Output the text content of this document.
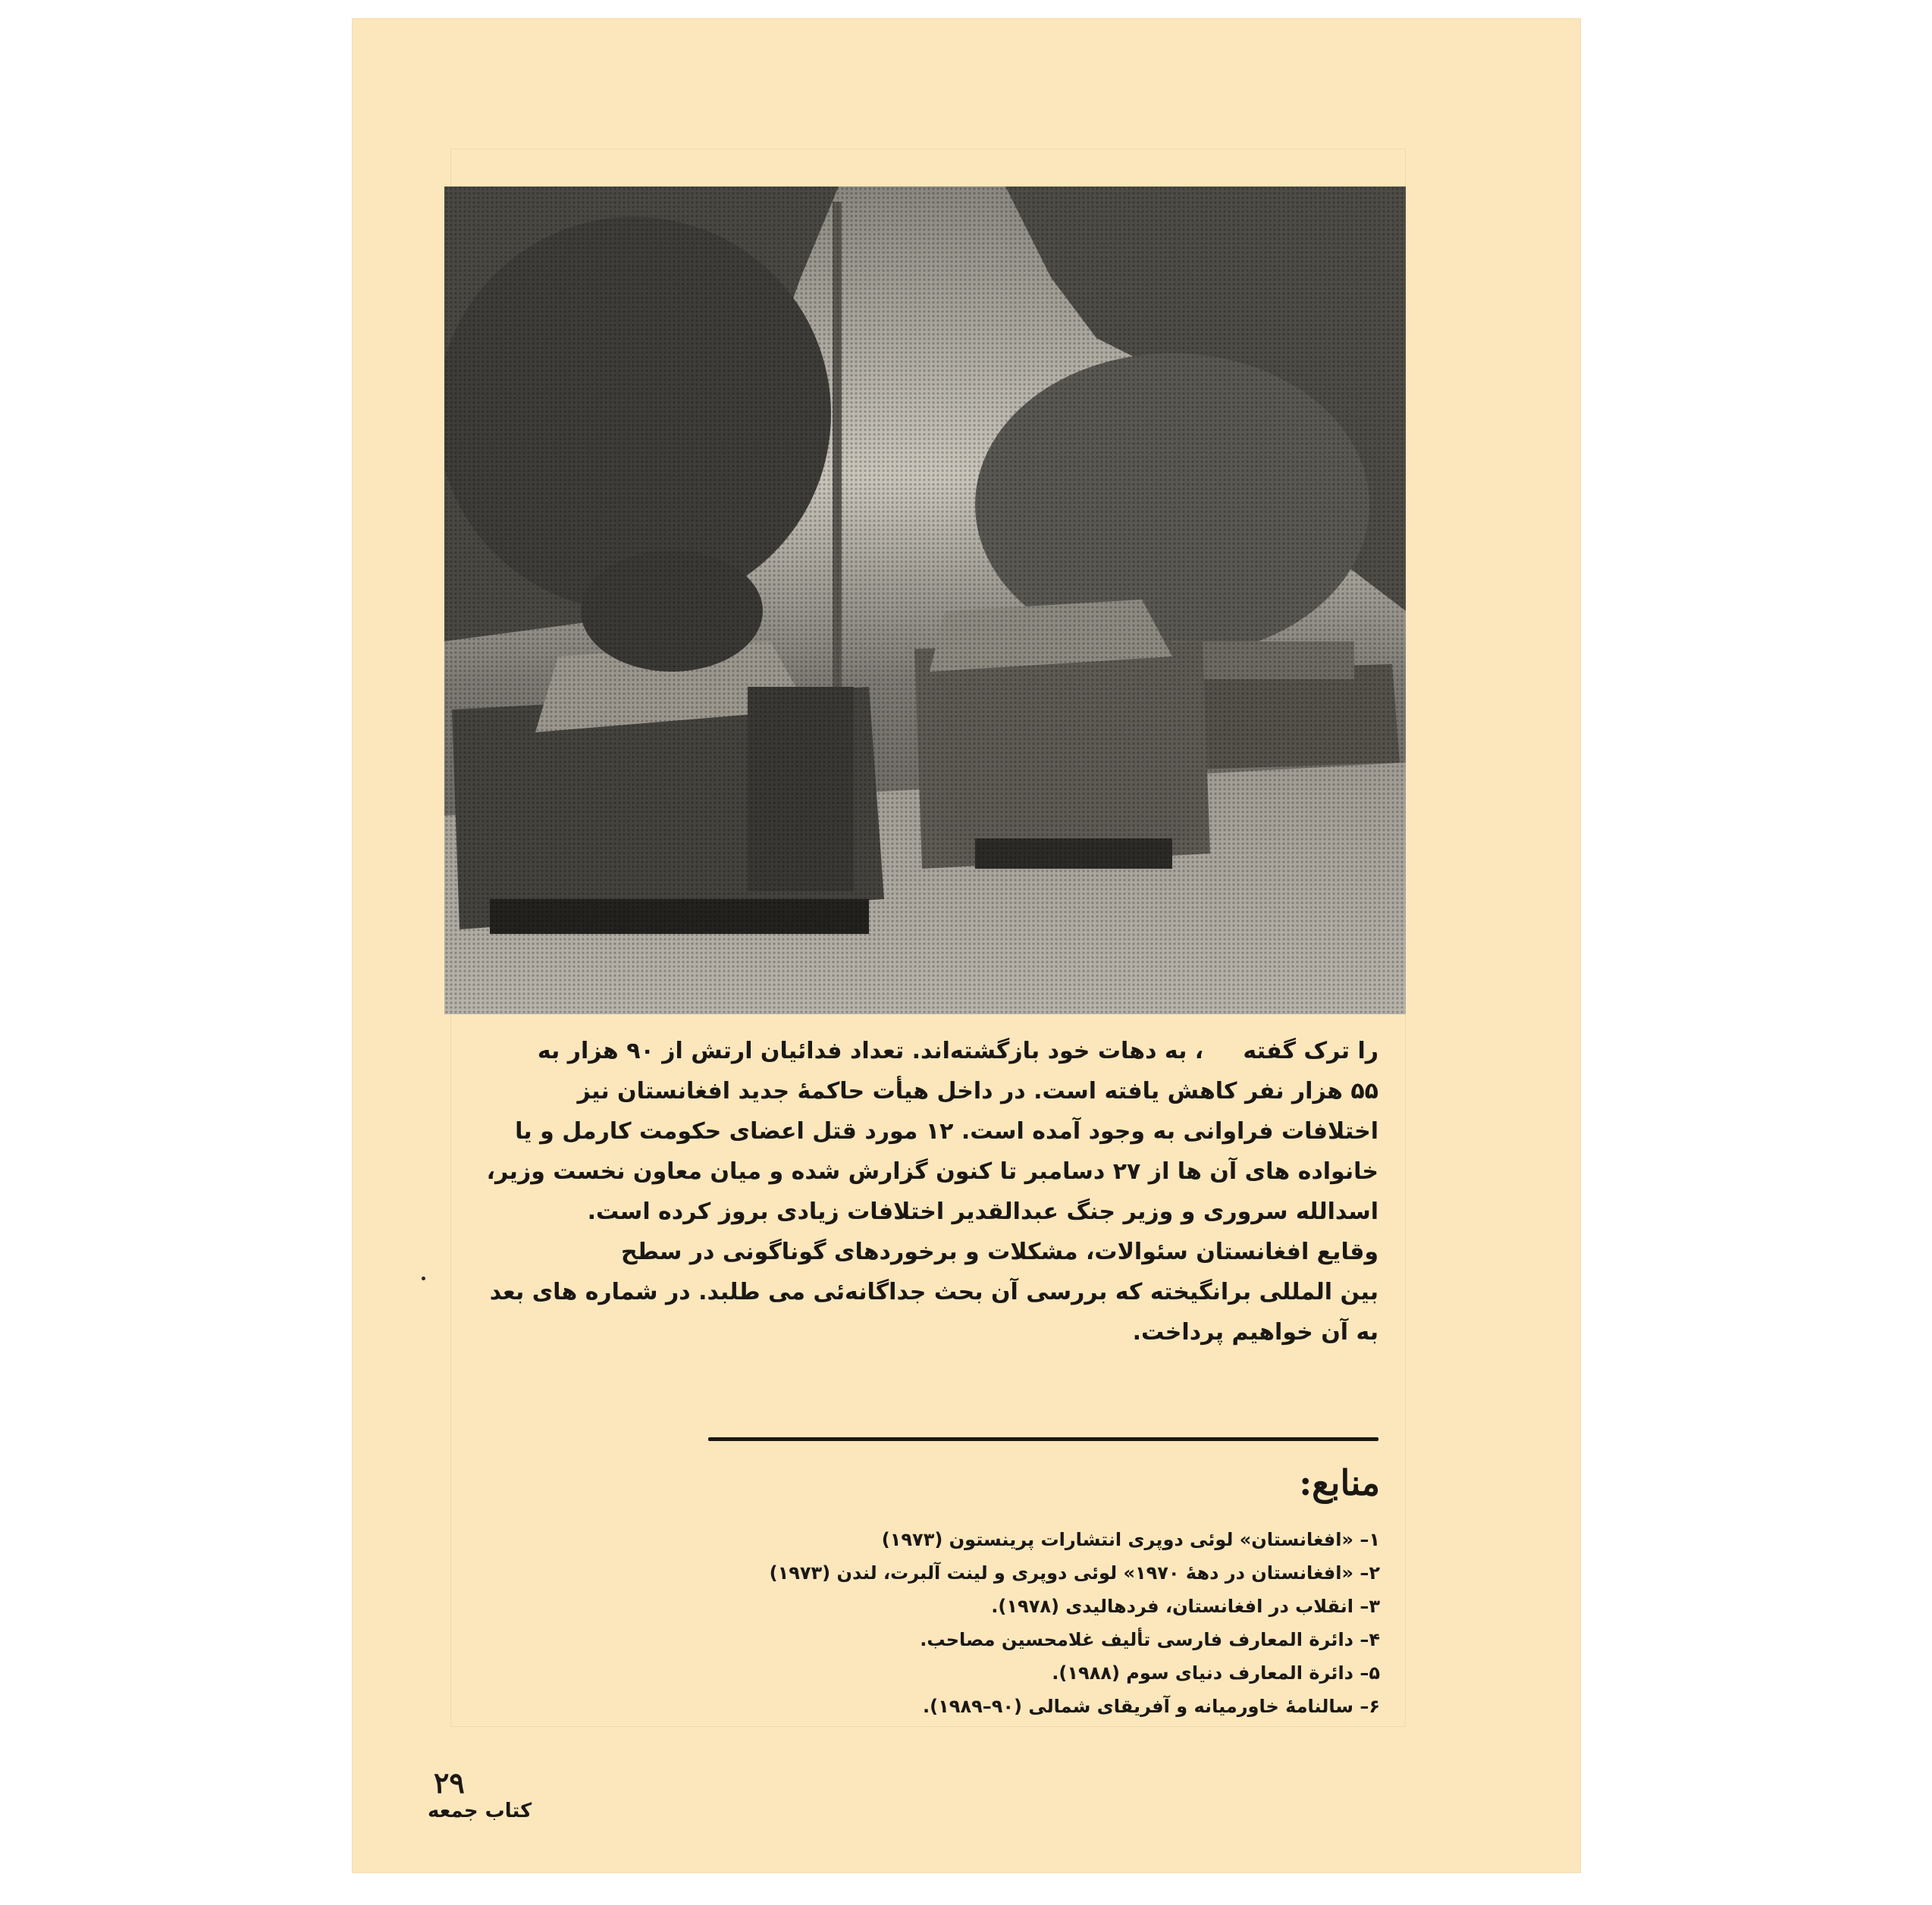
را ترک گفته ‌ ‌ ‌ ‌ ‌، به دهات خود بازگشته‌اند. تعداد فدائیان ارتش از ۹۰ هزار به
۵۵ هزار نفر کاهش یافته است. در داخل هیأت حاکمهٔ جدید افغانستان نیز
اختلافات فراوانی به وجود آمده است. ۱۲ مورد قتل اعضای حکومت کارمل و یا
خانواده های آن ها از ۲۷ دسامبر تا کنون گزارش شده و میان معاون نخست وزیر،
اسدالله سروری و وزیر جنگ عبدالقدیر اختلافات زیادی بروز کرده است.
وقایع افغانستان سئوالات، مشکلات و برخوردهای گوناگونی در سطح
بین المللی برانگیخته که بررسی آن بحث جداگانه‌ئی می طلبد. در شماره های بعد
به آن خواهیم پرداخت.
منابع:
۱– «افغانستان» لوئی دوپری انتشارات پرینستون (۱۹۷۳)
۲– «افغانستان در دههٔ ۱۹۷۰» لوئی دوپری و لینت آلبرت، لندن (۱۹۷۳)
۳– انقلاب در افغانستان، فردهالیدی (۱۹۷۸).
۴– دائرة المعارف فارسی تألیف غلامحسین مصاحب.
۵– دائرة المعارف دنیای سوم (۱۹۸۸).
۶– سالنامهٔ خاورمیانه و آفریقای شمالی (۹۰–۱۹۸۹).
۲۹
کتاب جمعه
